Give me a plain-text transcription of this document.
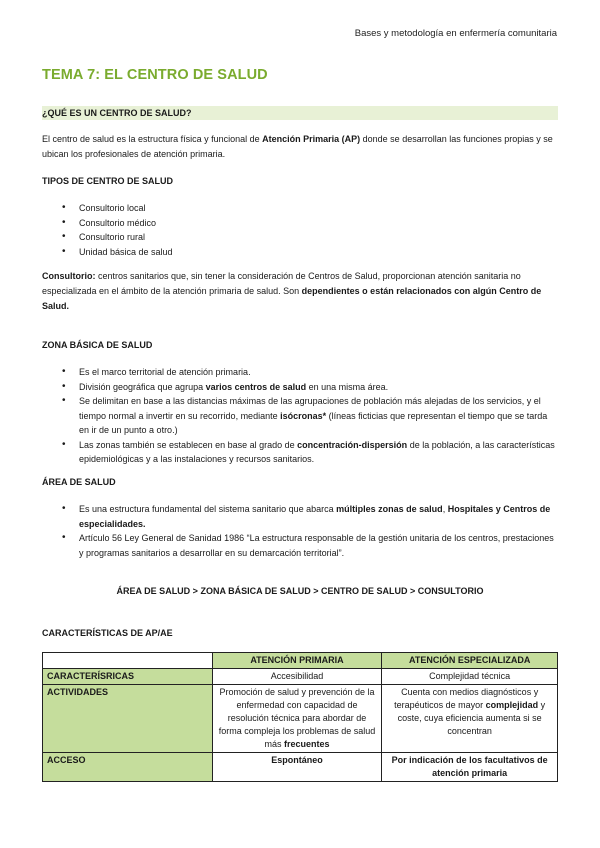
Bases y metodología en enfermería comunitaria
TEMA 7: EL CENTRO DE SALUD
¿QUÉ ES UN CENTRO DE SALUD?
El centro de salud es la estructura física y funcional de Atención Primaria (AP) donde se desarrollan las funciones propias y se ubican los profesionales de atención primaria.
TIPOS DE CENTRO DE SALUD
• Consultorio local
• Consultorio médico
• Consultorio rural
• Unidad básica de salud
Consultorio: centros sanitarios que, sin tener la consideración de Centros de Salud, proporcionan atención sanitaria no especializada en el ámbito de la atención primaria de salud. Son dependientes o están relacionados con algún Centro de Salud.
ZONA BÁSICA DE SALUD
• Es el marco territorial de atención primaria.
• División geográfica que agrupa varios centros de salud en una misma área.
• Se delimitan en base a las distancias máximas de las agrupaciones de población más alejadas de los servicios, y el tiempo normal a invertir en su recorrido, mediante isócronas* (líneas ficticias que representan el tiempo que se tarda en ir de un punto a otro.)
• Las zonas también se establecen en base al grado de concentración-dispersión de la población, a las características epidemiológicas y a las instalaciones y recursos sanitarios.
ÁREA DE SALUD
• Es una estructura fundamental del sistema sanitario que abarca múltiples zonas de salud, Hospitales y Centros de especialidades.
• Artículo 56 Ley General de Sanidad 1986 “La estructura responsable de la gestión unitaria de los centros, prestaciones y programas sanitarios a desarrollar en su demarcación territorial”.
ÁREA DE SALUD > ZONA BÁSICA DE SALUD > CENTRO DE SALUD > CONSULTORIO
CARACTERÍSTICAS DE AP/AE
	ATENCIÓN PRIMARIA	ATENCIÓN ESPECIALIZADA
CARACTERÍSRICAS	Accesibilidad	Complejidad técnica
ACTIVIDADES	Promoción de salud y prevención de la enfermedad con capacidad de resolución técnica para abordar de forma compleja los problemas de salud más frecuentes	Cuenta con medios diagnósticos y terapéuticos de mayor complejidad y coste, cuya eficiencia aumenta si se concentran
ACCESO	Espontáneo	Por indicación de los facultativos de atención primaria
